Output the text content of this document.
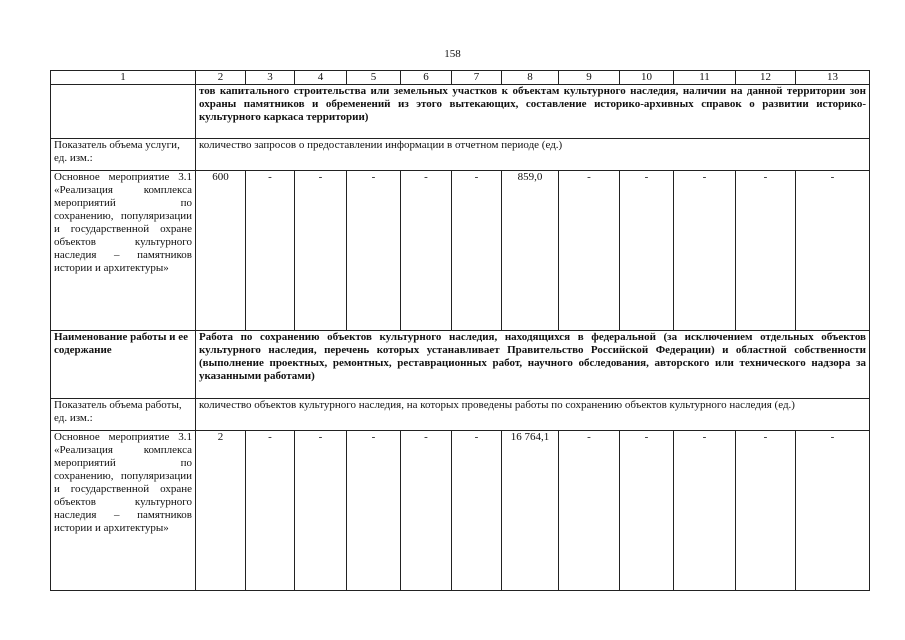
158
1	2	3	4	5	6	7	8	9	10	11	12	13
	тов капитального строительства или земельных участков к объектам культурного наследия, наличии на данной территории зон охраны памятников и обременений из этого вытекающих, составление историко-архивных справок о развитии историко-культурного каркаса территории)											
Показатель объема услуги, ед. изм.:	количество запросов о предоставлении информации в отчетном периоде (ед.)											
Основное мероприятие 3.1 «Реализация комплекса мероприятий по сохранению, популяризации и государственной охране объектов культурного наследия – памятников истории и архитектуры»	600	-	-	-	-	-	859,0	-	-	-	-	-
Наименование работы и ее содержание	Работа по сохранению объектов культурного наследия, находящихся в федеральной (за исключением отдельных объектов культурного наследия, перечень которых устанавливает Правительство Российской Федерации) и областной собственности (выполнение проектных, ремонтных, реставрационных работ, научного обследования, авторского или технического надзора за указанными работами)											
Показатель объема работы, ед. изм.:	количество объектов культурного наследия, на которых проведены работы по сохранению объектов культурного наследия (ед.)											
Основное мероприятие 3.1 «Реализация комплекса мероприятий по сохранению, популяризации и государственной охране объектов культурного наследия – памятников истории и архитектуры»	2	-	-	-	-	-	16 764,1	-	-	-	-	-
